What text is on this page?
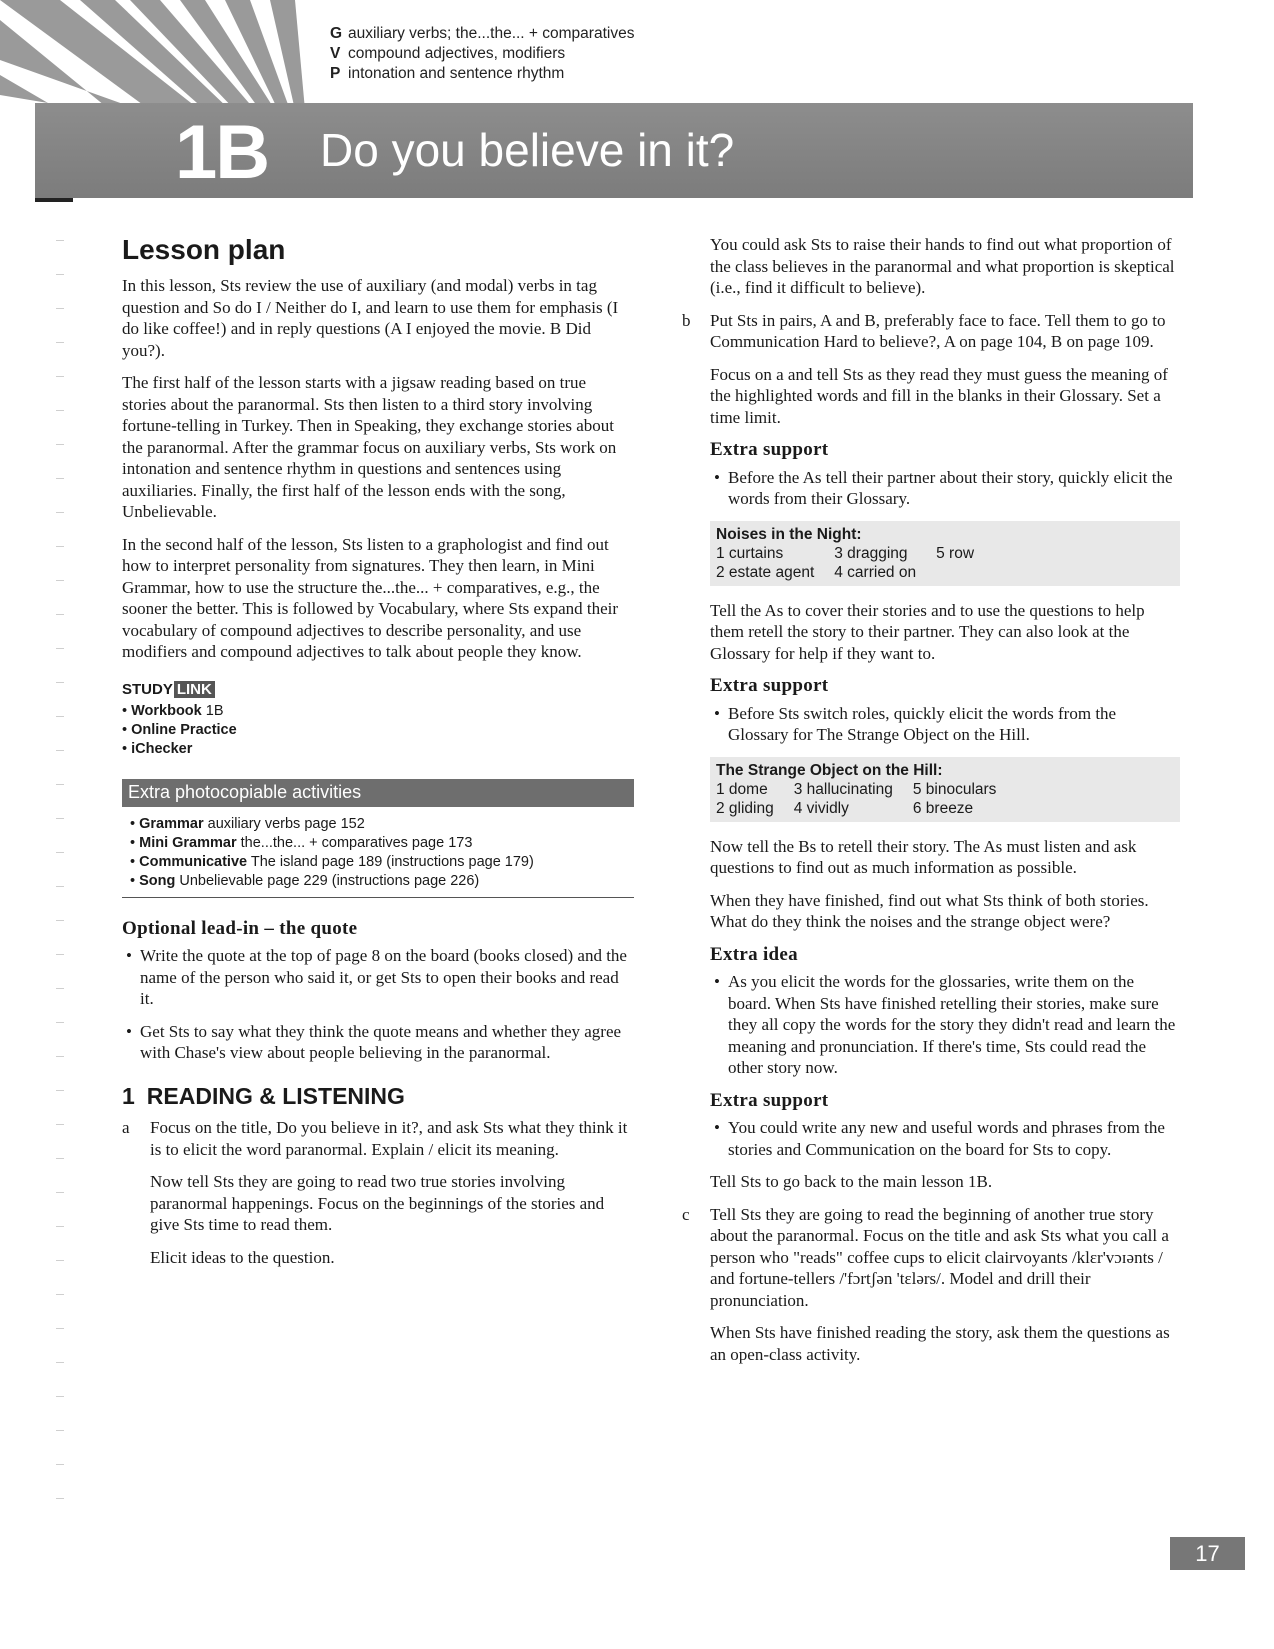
G auxiliary verbs; the...the... + comparatives
V compound adjectives, modifiers
P intonation and sentence rhythm
1B Do you believe in it?
Lesson plan

In this lesson, Sts review the use of auxiliary (and modal) verbs in tag question and So do I / Neither do I, and learn to use them for emphasis (I do like coffee!) and in reply questions (A I enjoyed the movie. B Did you?).

The first half of the lesson starts with a jigsaw reading based on true stories about the paranormal. Sts then listen to a third story involving fortune-telling in Turkey. Then in Speaking, they exchange stories about the paranormal. After the grammar focus on auxiliary verbs, Sts work on intonation and sentence rhythm in questions and sentences using auxiliaries. Finally, the first half of the lesson ends with the song, Unbelievable.

In the second half of the lesson, Sts listen to a graphologist and find out how to interpret personality from signatures. They then learn, in Mini Grammar, how to use the structure the...the... + comparatives, e.g., the sooner the better. This is followed by Vocabulary, where Sts expand their vocabulary of compound adjectives to describe personality, and use modifiers and compound adjectives to talk about people they know.

STUDY LINK
• Workbook 1B
• Online Practice
• iChecker
Extra photocopiable activities
• Grammar auxiliary verbs page 152
• Mini Grammar the...the... + comparatives page 173
• Communicative The island page 189 (instructions page 179)
• Song Unbelievable page 229 (instructions page 226)
Optional lead-in – the quote
• Write the quote at the top of page 8 on the board (books closed) and the name of the person who said it, or get Sts to open their books and read it.
• Get Sts to say what they think the quote means and whether they agree with Chase's view about people believing in the paranormal.
1 READING & LISTENING
a Focus on the title, Do you believe in it?, and ask Sts what they think it is to elicit the word paranormal. Explain / elicit its meaning.

Now tell Sts they are going to read two true stories involving paranormal happenings. Focus on the beginnings of the stories and give Sts time to read them.

Elicit ideas to the question.

You could ask Sts to raise their hands to find out what proportion of the class believes in the paranormal and what proportion is skeptical (i.e., find it difficult to believe).

b Put Sts in pairs, A and B, preferably face to face. Tell them to go to Communication Hard to believe?, A on page 104, B on page 109.

Focus on a and tell Sts as they read they must guess the meaning of the highlighted words and fill in the blanks in their Glossary. Set a time limit.

Extra support
• Before the As tell their partner about their story, quickly elicit the words from their Glossary.
Noises in the Night:
1 curtains	3 dragging	5 row
2 estate agent	4 carried on	

Tell the As to cover their stories and to use the questions to help them retell the story to their partner. They can also look at the Glossary for help if they want to.

Extra support
• Before Sts switch roles, quickly elicit the words from the Glossary for The Strange Object on the Hill.
The Strange Object on the Hill:
1 dome	3 hallucinating	5 binoculars
2 gliding	4 vividly	6 breeze

Now tell the Bs to retell their story. The As must listen and ask questions to find out as much information as possible.

When they have finished, find out what Sts think of both stories. What do they think the noises and the strange object were?

Extra idea
• As you elicit the words for the glossaries, write them on the board. When Sts have finished retelling their stories, make sure they all copy the words for the story they didn't read and learn the meaning and pronunciation. If there's time, Sts could read the other story now.
Extra support
• You could write any new and useful words and phrases from the stories and Communication on the board for Sts to copy.

Tell Sts to go back to the main lesson 1B.

c Tell Sts they are going to read the beginning of another true story about the paranormal. Focus on the title and ask Sts what you call a person who "reads" coffee cups to elicit clairvoyants /klɛr'vɔɪənts / and fortune-tellers /'fɔrtʃən 'tɛlərs/. Model and drill their pronunciation.

When Sts have finished reading the story, ask them the questions as an open-class activity.

17
